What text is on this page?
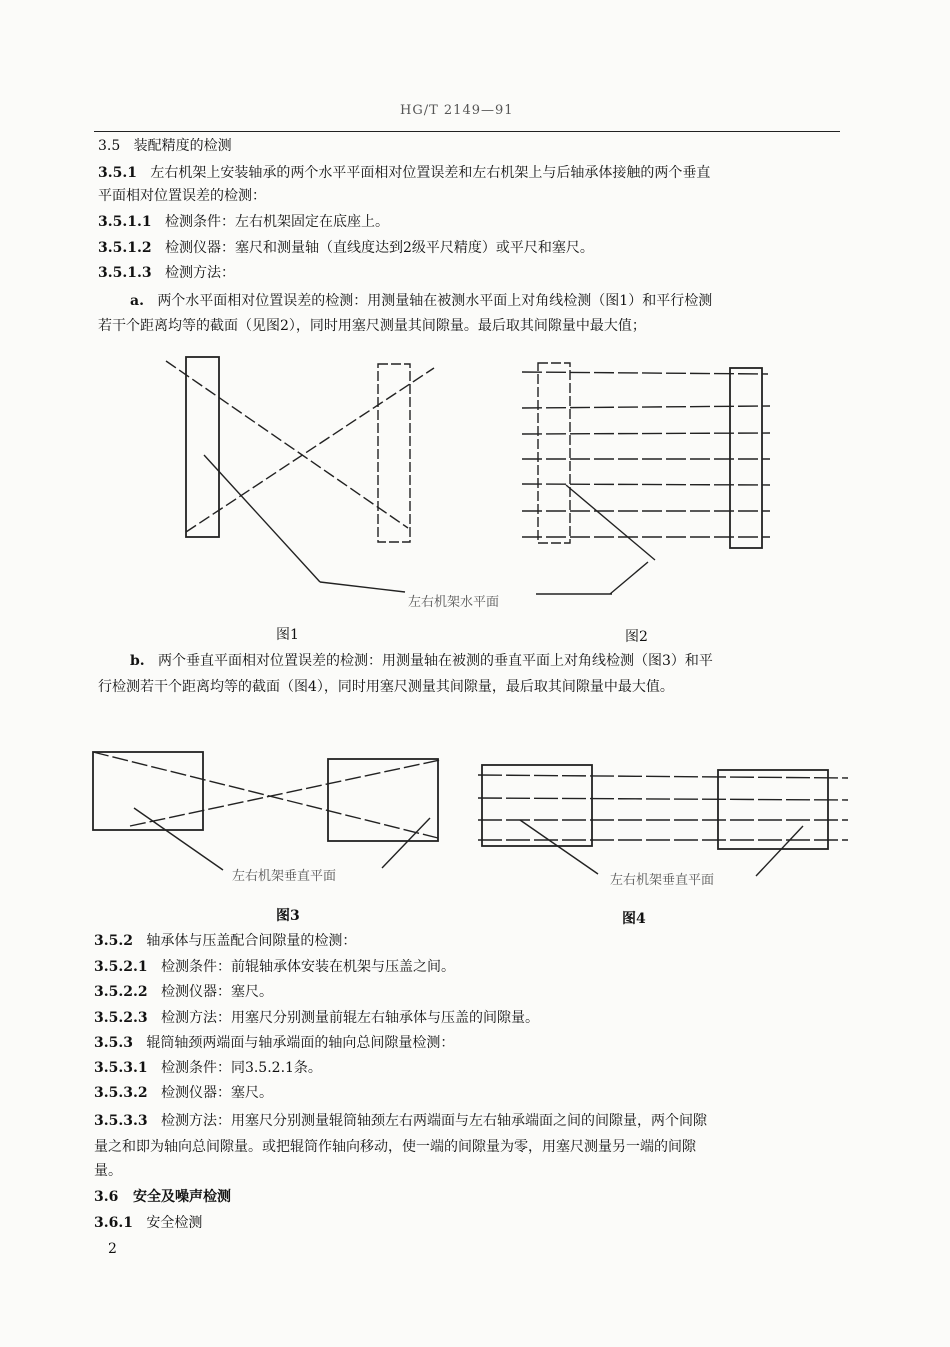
HG/T 2149—91
3.5 装配精度的检测
3.5.1 左右机架上安装轴承的两个水平平面相对位置误差和左右机架上与后轴承体接触的两个垂直
平面相对位置误差的检测：
3.5.1.1 检测条件：左右机架固定在底座上。
3.5.1.2 检测仪器：塞尺和测量轴（直线度达到2级平尺精度）或平尺和塞尺。
3.5.1.3 检测方法：
a. 两个水平面相对位置误差的检测：用测量轴在被测水平面上对角线检测（图1）和平行检测
若干个距离均等的截面（见图2），同时用塞尺测量其间隙量。最后取其间隙量中最大值；
左右机架水平面
左右机架垂直平面	左右机架垂直平面
图1	图2
b. 两个垂直平面相对位置误差的检测：用测量轴在被测的垂直平面上对角线检测（图3）和平
行检测若干个距离均等的截面（图4），同时用塞尺测量其间隙量，最后取其间隙量中最大值。
图3	图4
3.5.2 轴承体与压盖配合间隙量的检测：
3.5.2.1 检测条件：前辊轴承体安装在机架与压盖之间。
3.5.2.2 检测仪器：塞尺。
3.5.2.3 检测方法：用塞尺分别测量前辊左右轴承体与压盖的间隙量。
3.5.3 辊筒轴颈两端面与轴承端面的轴向总间隙量检测：
3.5.3.1 检测条件：同3.5.2.1条。
3.5.3.2 检测仪器：塞尺。
3.5.3.3 检测方法：用塞尺分别测量辊筒轴颈左右两端面与左右轴承端面之间的间隙量，两个间隙
量之和即为轴向总间隙量。或把辊筒作轴向移动，使一端的间隙量为零，用塞尺测量另一端的间隙
量。
3.6 安全及噪声检测
3.6.1 安全检测
2
